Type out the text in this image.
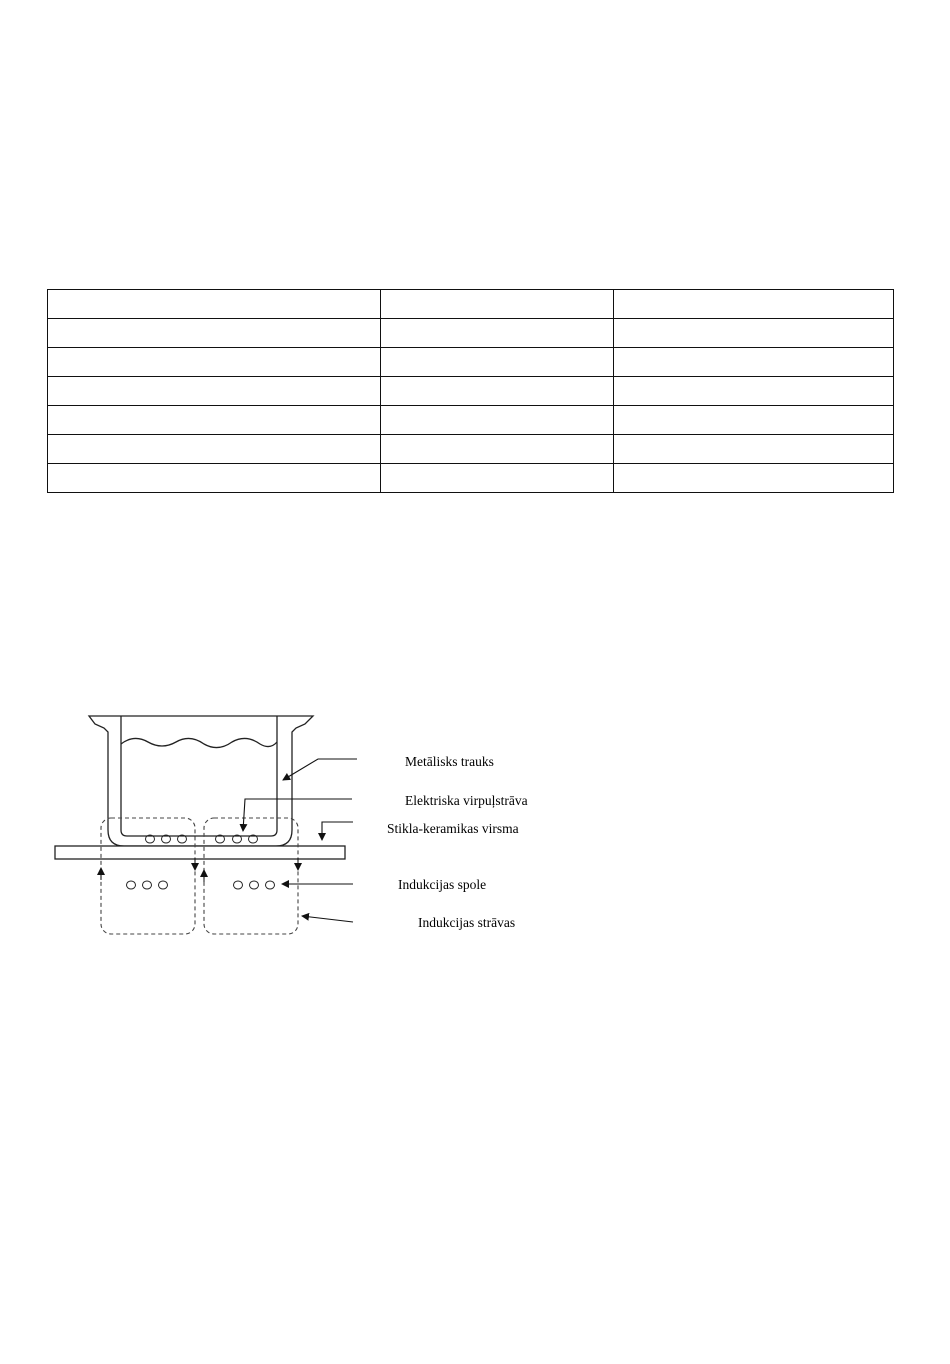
Metālisks trauks
Elektriska virpuļstrāva
Stikla-keramikas virsma
Indukcijas spole
Indukcijas strāvas
